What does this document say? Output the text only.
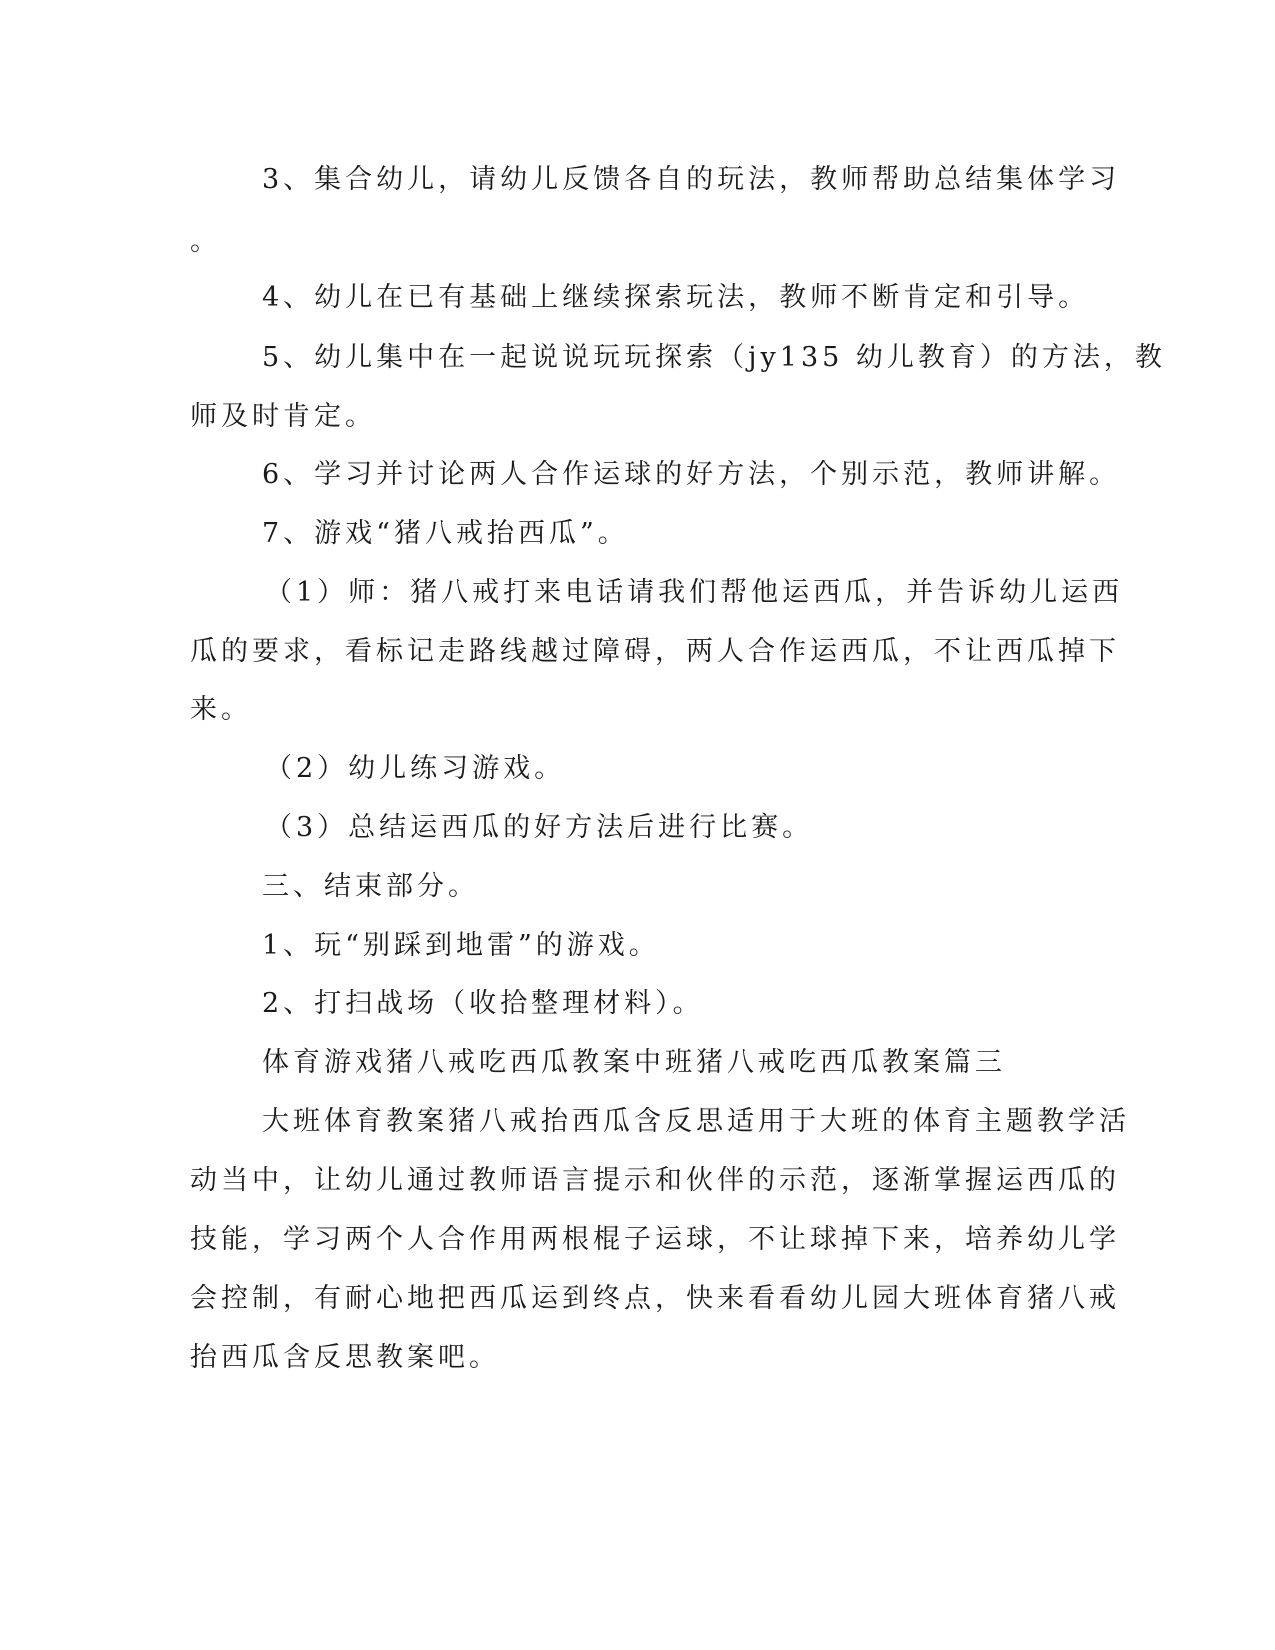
3、集合幼儿，请幼儿反馈各自的玩法，教师帮助总结集体学习
。
4、幼儿在已有基础上继续探索玩法，教师不断肯定和引导。
5、幼儿集中在一起说说玩玩探索（jy135 幼儿教育）的方法，教
师及时肯定。
6、学习并讨论两人合作运球的好方法，个别示范，教师讲解。
7、游戏“猪八戒抬西瓜”。
（1）师：猪八戒打来电话请我们帮他运西瓜，并告诉幼儿运西
瓜的要求，看标记走路线越过障碍，两人合作运西瓜，不让西瓜掉下
来。
（2）幼儿练习游戏。
（3）总结运西瓜的好方法后进行比赛。
三、结束部分。
1、玩“别踩到地雷”的游戏。
2、打扫战场（收拾整理材料）。
体育游戏猪八戒吃西瓜教案中班猪八戒吃西瓜教案篇三
大班体育教案猪八戒抬西瓜含反思适用于大班的体育主题教学活
动当中，让幼儿通过教师语言提示和伙伴的示范，逐渐掌握运西瓜的
技能，学习两个人合作用两根棍子运球，不让球掉下来，培养幼儿学
会控制，有耐心地把西瓜运到终点，快来看看幼儿园大班体育猪八戒
抬西瓜含反思教案吧。
